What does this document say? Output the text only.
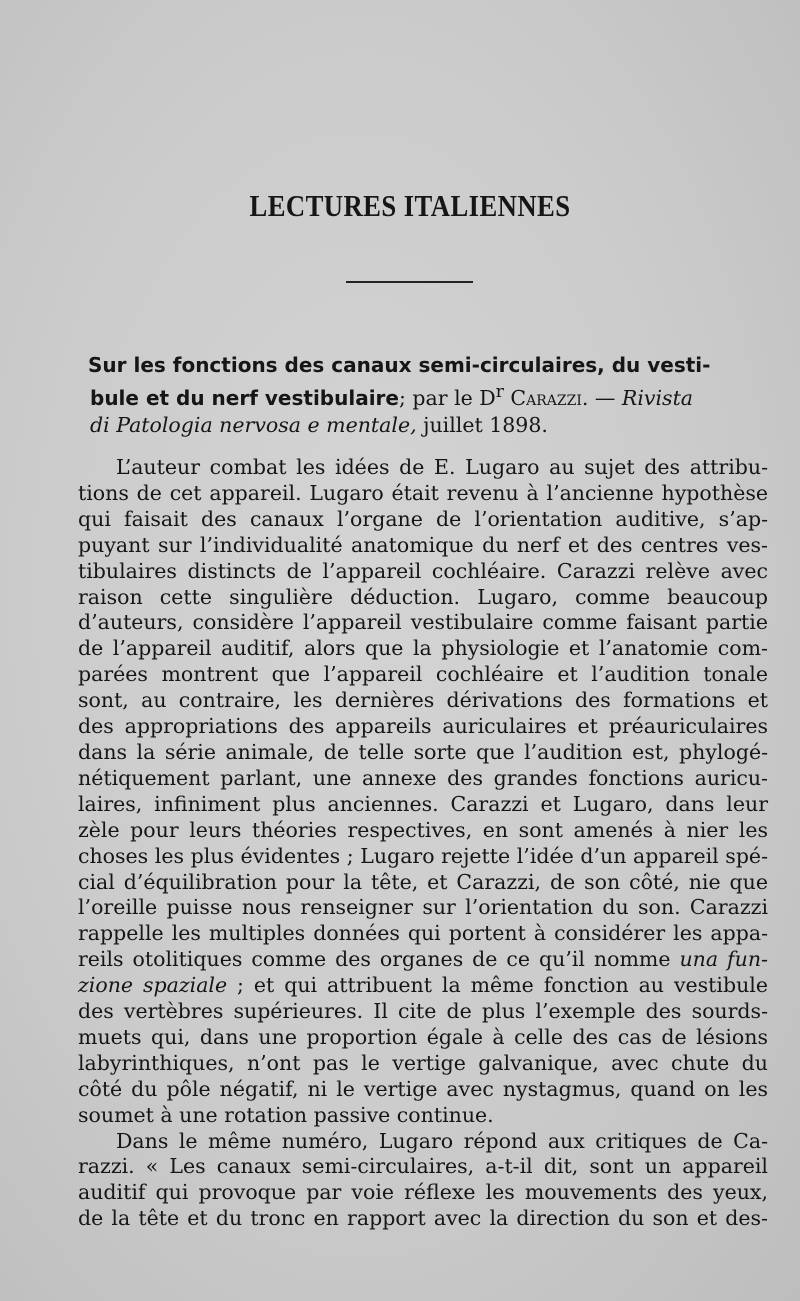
LECTURES ITALIENNES
Sur les fonctions des canaux semi-circulaires, du vesti-
bule et du nerf vestibulaire; par le $D^r$ Carazzi. — Rivista
di Patologia nervosa e mentale, juillet 1898.
L’auteur combat les idées de E. Lugaro au sujet des attribu-
tions de cet appareil. Lugaro était revenu à l’ancienne hypothèse
qui faisait des canaux l’organe de l’orientation auditive, s’ap-
puyant sur l’individualité anatomique du nerf et des centres ves-
tibulaires distincts de l’appareil cochléaire. Carazzi relève avec
raison cette singulière déduction. Lugaro, comme beaucoup
d’auteurs, considère l’appareil vestibulaire comme faisant partie
de l’appareil auditif, alors que la physiologie et l’anatomie com-
parées montrent que l’appareil cochléaire et l’audition tonale
sont, au contraire, les dernières dérivations des formations et
des appropriations des appareils auriculaires et préauriculaires
dans la série animale, de telle sorte que l’audition est, phylogé-
nétiquement parlant, une annexe des grandes fonctions auricu-
laires, infiniment plus anciennes. Carazzi et Lugaro, dans leur
zèle pour leurs théories respectives, en sont amenés à nier les
choses les plus évidentes ; Lugaro rejette l’idée d’un appareil spé-
cial d’équilibration pour la tête, et Carazzi, de son côté, nie que
l’oreille puisse nous renseigner sur l’orientation du son. Carazzi
rappelle les multiples données qui portent à considérer les appa-
reils otolitiques comme des organes de ce qu’il nomme una fun-
zione spaziale ; et qui attribuent la même fonction au vestibule
des vertèbres supérieures. Il cite de plus l’exemple des sourds-
muets qui, dans une proportion égale à celle des cas de lésions
labyrinthiques, n’ont pas le vertige galvanique, avec chute du
côté du pôle négatif, ni le vertige avec nystagmus, quand on les
soumet à une rotation passive continue.
Dans le même numéro, Lugaro répond aux critiques de Ca-
razzi. « Les canaux semi-circulaires, a-t-il dit, sont un appareil
auditif qui provoque par voie réflexe les mouvements des yeux,
de la tête et du tronc en rapport avec la direction du son et des-
